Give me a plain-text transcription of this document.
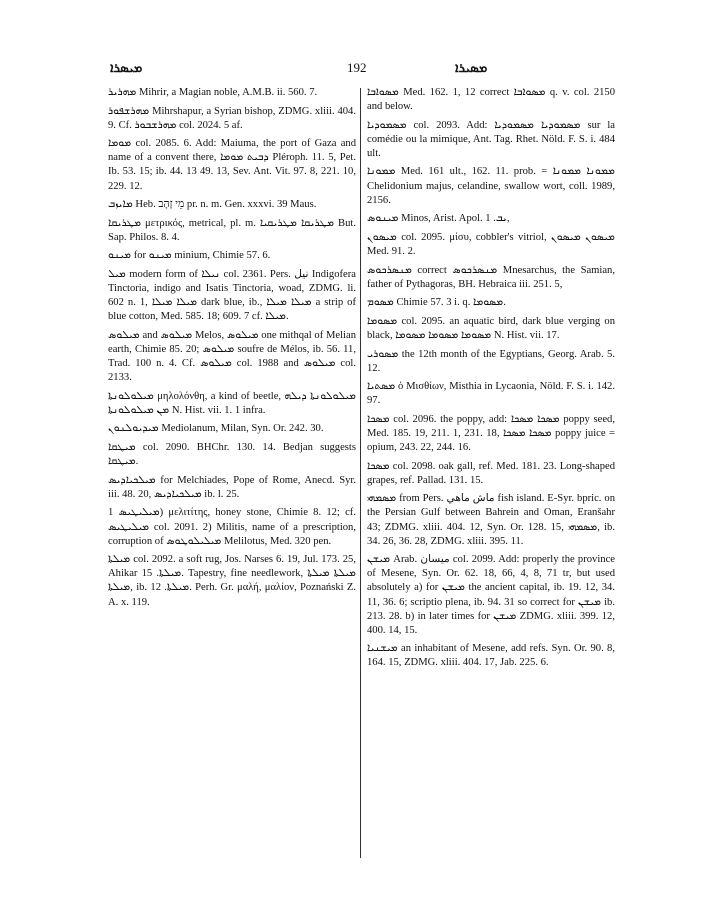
ܡܝܣܪܐ	192	ܡܣܝܪܐ

ܡܗܪܝܪ Mihrir, a Magian noble, A.M.B. ii. 560. 7.

ܡܗܪܫܦܘܪ Mihrshapur, a Syrian bishop, ZDMG. xliii. 404. 9. Cf. ܡܗܪܫܒܘܪ col. 2024. 5 af.

ܡܘܡܐ col. 2085. 6. Add: Maiuma, the port of Gaza and name of a convent there, ܕܒܝܬ ܡܘܡܐ Pléroph. 11. 5, Pet. Ib. 53. 15; ib. 44. 13 49. 13, Sev. Ant. Vit. 97. 8, 221. 10, 229. 12.

ܡܐܝܙܒ Heb. מֵי זָהָב pr. n. m. Gen. xxxvi. 39 Maus.

ܡܛܪܝܩܐ μετρικός, metrical, pl. m. ܡܛܪܝܩܐ ܡܛܪܝܩܝܐ But. Sap. Philos. 8. 4.

ܡܝܢܘ for ܡܝܢܘ minium, Chimie 57. 6.

ܡܝܠ modern form of ܢܝܠܐ col. 2361. Pers. نیل Indigofera Tinctoria, indigo and Isatis Tinctoria, woad, ZDMG. li. 602 n. 1, ܡܝܠܐ ܡܝܠܐ dark blue, ib., ܡܝܠܐ ܡܝܠܐ a strip of blue cotton, Med. 585. 18; 609. 7 cf. ܡܝܠܐ.

ܡܝܠܘܣ and ܡܝܠܘܣ Melos, ܡܝܠܘܣ one mithqal of Melian earth, Chimie 85. 20; ܡܝܠܘܣ soufre de Mélos, ib. 56. 11, Trad. 100 n. 4. Cf. ܡܝܠܘܣ col. 1988 and ܡܝܠܘܣ col. 2133.

ܡܝܠܘܠܘܢܬܐ μηλολόνθη, a kind of beetle, ܡܝܠܘܠܘܢܬܐ ܕܝܠܗ ܡܢ ܡܝܠܘܠܘܢܬܐ N. Hist. vii. 1. 1 infra.

ܡܝܕܝܘܠܢܘܢ Mediolanum, Milan, Syn. Or. 242. 30.

ܡܝܛܩܐ col. 2090. BHChr. 130. 14. Bedjan suggests ܡܝܛܩܐ.

ܡܝܠܟܝܐܕܝܣ for Melchiades, Pope of Rome, Anecd. Syr. iii. 48. 20, ܡܝܠܟܝܐܕܝܣ ib. l. 25.

ܡܝܠܝܛܝܣ 1) μελιτίτης, honey stone, Chimie 8. 12; cf. ܡܝܠܝܛܝܣ col. 2091. 2) Militis, name of a prescription, corruption of ܡܝܠܝܠܘܛܘܣ Melilotus, Med. 320 pen.

ܡܝܠܬܐ col. 2092. a soft rug, Jos. Narses 6. 19, Jul. 173. 25, Ahikar ܡܝܠܬܐ. 15. Tapestry, fine needlework, ܡܝܠܬܐ ܡܝܠܬܐ ܡܝܠܬܐ, ib. ܡܝܠܬܐ. 12. Perh. Gr. μαλή, μαλίον, Poznański Z. A. x. 119.

ܡܣܘܐܒܐ Med. 162. 1, 12 correct ܡܣܘܐܒܐ q. v. col. 2150 and below.

ܡܣܡܘܕܝܐ col. 2093. Add: ܡܣܡܘܕܝܐ ܡܣܡܘܕܝܐ sur la comédie ou la mimique, Ant. Tag. Rhet. Nöld. F. S. i. 484 ult.

ܡܡܘܢܐ Med. 161 ult., 162. 11. prob. = ܡܡܘܢܐ ܡܡܘܢܐ Chelidonium majus, celandine, swallow wort, coll. 1989, 2156.

ܡܝܢܘܣ Minos, Arist. Apol. ܝܒ. 1,

ܡܝܣܘܢ col. 2095. μίσυ, cobbler's vitriol, ܡܝܣܘܢ ܡܝܣܘܢ Med. 91. 2.

ܡܢܣܪܟܘܣ correct ܡܢܣܪܟܘܣ Mnesarchus, the Samian, father of Pythagoras, BH. Hebraica iii. 251. 5,

ܡܣܘܡ Chimie 57. 3 i. q. ܡܣܘܡܐ.

ܡܣܘܡܐ col. 2095. an aquatic bird, dark blue verging on black, ܡܣܘܡܐ ܡܣܘܡܐ ܡܣܘܡܐ N. Hist. vii. 17.

ܡܣܘܪܝ the 12th month of the Egyptians, Georg. Arab. 5. 12.

ܡܣܬܝܐ ὁ Μισθίων, Misthia in Lycaonia, Nöld. F. S. i. 142. 97.

ܡܣܟܐ col. 2096. the poppy, add: ܡܣܟܐ ܡܣܟܐ poppy seed, Med. 185. 19, 211. 1, 231. 18, ܡܣܟܐ ܡܣܟܐ poppy juice = opium, 243. 22, 244. 16.

ܡܣܟܐ col. 2098. oak gall, ref. Med. 181. 23. Long-shaped grapes, ref. Pallad. 131. 15.

ܡܣܡܗܝ from Pers. ماش ماهي fish island. E-Syr. bpric. on the Persian Gulf between Bahrein and Oman, Eranšahr 43; ZDMG. xliii. 404. 12, Syn. Or. 128. 15, ܡܣܡܗܝ, ib. 34. 26, 36. 28, ZDMG. xliii. 395. 11.

ܡܝܫܢ Arab. ميسان col. 2099. Add: properly the province of Mesene, Syn. Or. 62. 18, 66, 4, 8, 71 tr, but used absolutely a) for ܡܝܫܢ the ancient capital, ib. 19. 12, 34. 11, 36. 6; scriptio plena, ib. 94. 31 so correct for ܡܝܫܢ ib. 213. 28. b) in later times for ܡܝܫܢ ZDMG. xliii. 399. 12, 400. 14, 15.

ܡܝܫܢܝܐ an inhabitant of Mesene, add refs. Syn. Or. 90. 8, 164. 15, ZDMG. xliii. 404. 17, Jab. 225. 6.
